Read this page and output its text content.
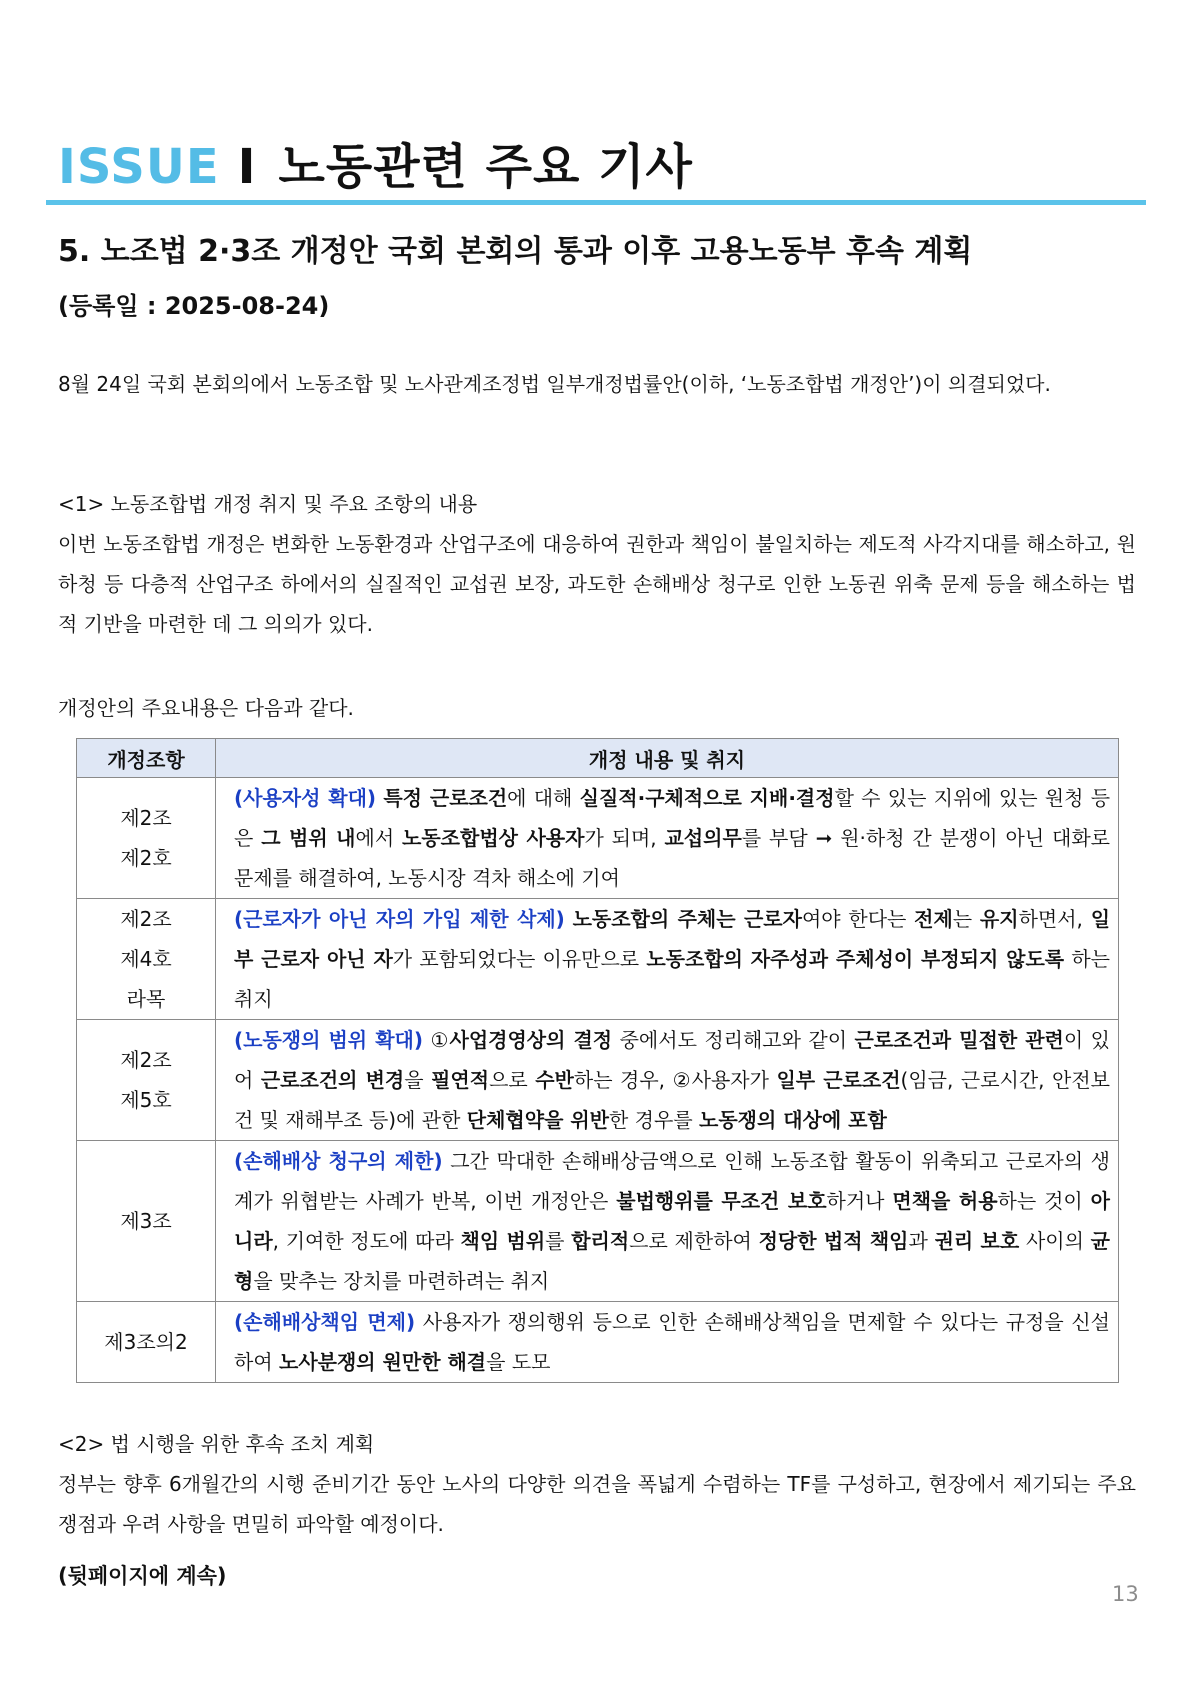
ISSUE I 노동관련 주요 기사
5. 노조법 2·3조 개정안 국회 본회의 통과 이후 고용노동부 후속 계획
(등록일 : 2025-08-24)
8월 24일 국회 본회의에서 노동조합 및 노사관계조정법 일부개정법률안(이하, ‘노동조합법 개정안’)이 의결되었다.
<1> 노동조합법 개정 취지 및 주요 조항의 내용
이번 노동조합법 개정은 변화한 노동환경과 산업구조에 대응하여 권한과 책임이 불일치하는 제도적 사각지대를 해소하고, 원하청 등 다층적 산업구조 하에서의 실질적인 교섭권 보장, 과도한 손해배상 청구로 인한 노동권 위축 문제 등을 해소하는 법적 기반을 마련한 데 그 의의가 있다.
개정안의 주요내용은 다음과 같다.
개정조항	개정 내용 및 취지

제2조
제2호	(사용자성 확대) 특정 근로조건에 대해 실질적·구체적으로 지배·결정할 수 있는 지위에 있는 원청 등은 그 범위 내에서 노동조합법상 사용자가 되며, 교섭의무를 부담 ➞ 원·하청 간 분쟁이 아닌 대화로 문제를 해결하여, 노동시장 격차 해소에 기여

제2조
제4호
라목	(근로자가 아닌 자의 가입 제한 삭제) 노동조합의 주체는 근로자여야 한다는 전제는 유지하면서, 일부 근로자 아닌 자가 포함되었다는 이유만으로 노동조합의 자주성과 주체성이 부정되지 않도록 하는 취지

제2조
제5호	(노동쟁의 범위 확대) ①사업경영상의 결정 중에서도 정리해고와 같이 근로조건과 밀접한 관련이 있어 근로조건의 변경을 필연적으로 수반하는 경우, ②사용자가 일부 근로조건(임금, 근로시간, 안전보건 및 재해부조 등)에 관한 단체협약을 위반한 경우를 노동쟁의 대상에 포함

제3조	(손해배상 청구의 제한) 그간 막대한 손해배상금액으로 인해 노동조합 활동이 위축되고 근로자의 생계가 위협받는 사례가 반복, 이번 개정안은 불법행위를 무조건 보호하거나 면책을 허용하는 것이 아니라, 기여한 정도에 따라 책임 범위를 합리적으로 제한하여 정당한 법적 책임과 권리 보호 사이의 균형을 맞추는 장치를 마련하려는 취지

제3조의2	(손해배상책임 면제) 사용자가 쟁의행위 등으로 인한 손해배상책임을 면제할 수 있다는 규정을 신설하여 노사분쟁의 원만한 해결을 도모
<2> 법 시행을 위한 후속 조치 계획
정부는 향후 6개월간의 시행 준비기간 동안 노사의 다양한 의견을 폭넓게 수렴하는 TF를 구성하고, 현장에서 제기되는 주요 쟁점과 우려 사항을 면밀히 파악할 예정이다.
(뒷페이지에 계속)
13
